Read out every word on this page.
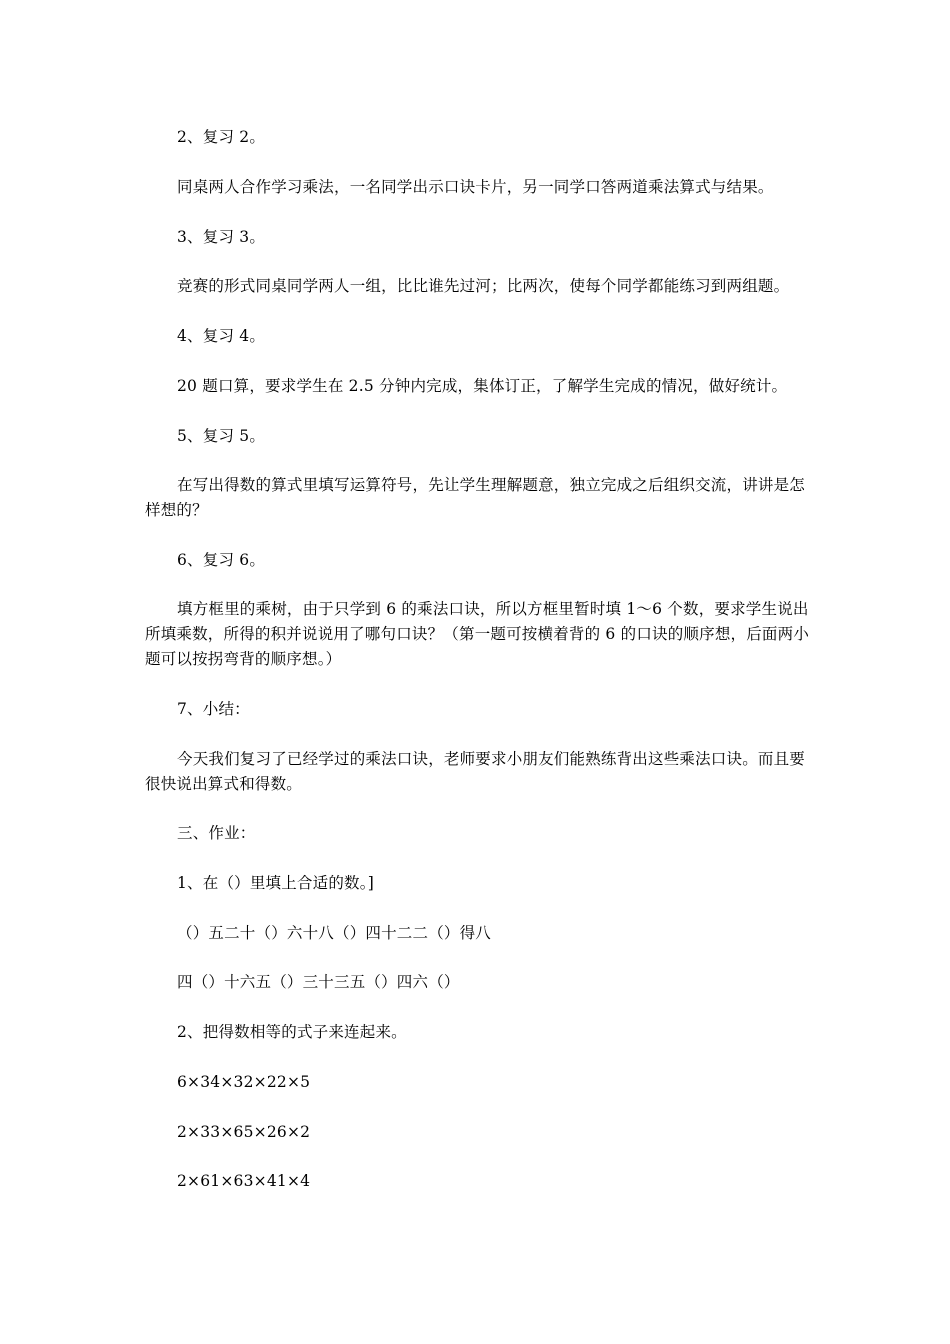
2、复习 2。

同桌两人合作学习乘法，一名同学出示口诀卡片，另一同学口答两道乘法算式与结果。

3、复习 3。

竞赛的形式同桌同学两人一组，比比谁先过河；比两次，使每个同学都能练习到两组题。

4、复习 4。

20 题口算，要求学生在 2.5 分钟内完成，集体订正，了解学生完成的情况，做好统计。

5、复习 5。

在写出得数的算式里填写运算符号，先让学生理解题意，独立完成之后组织交流，讲讲是怎样想的？

6、复习 6。

填方框里的乘树，由于只学到 6 的乘法口诀，所以方框里暂时填 1～6 个数，要求学生说出所填乘数，所得的积并说说用了哪句口诀？（第一题可按横着背的 6 的口诀的顺序想，后面两小题可以按拐弯背的顺序想。）

7、小结：

今天我们复习了已经学过的乘法口诀，老师要求小朋友们能熟练背出这些乘法口诀。而且要很快说出算式和得数。

三、作业：

1、在（）里填上合适的数。]

（）五二十（）六十八（）四十二二（）得八

四（）十六五（）三十三五（）四六（）

2、把得数相等的式子来连起来。

6×34×32×22×5

2×33×65×26×2

2×61×63×41×4
